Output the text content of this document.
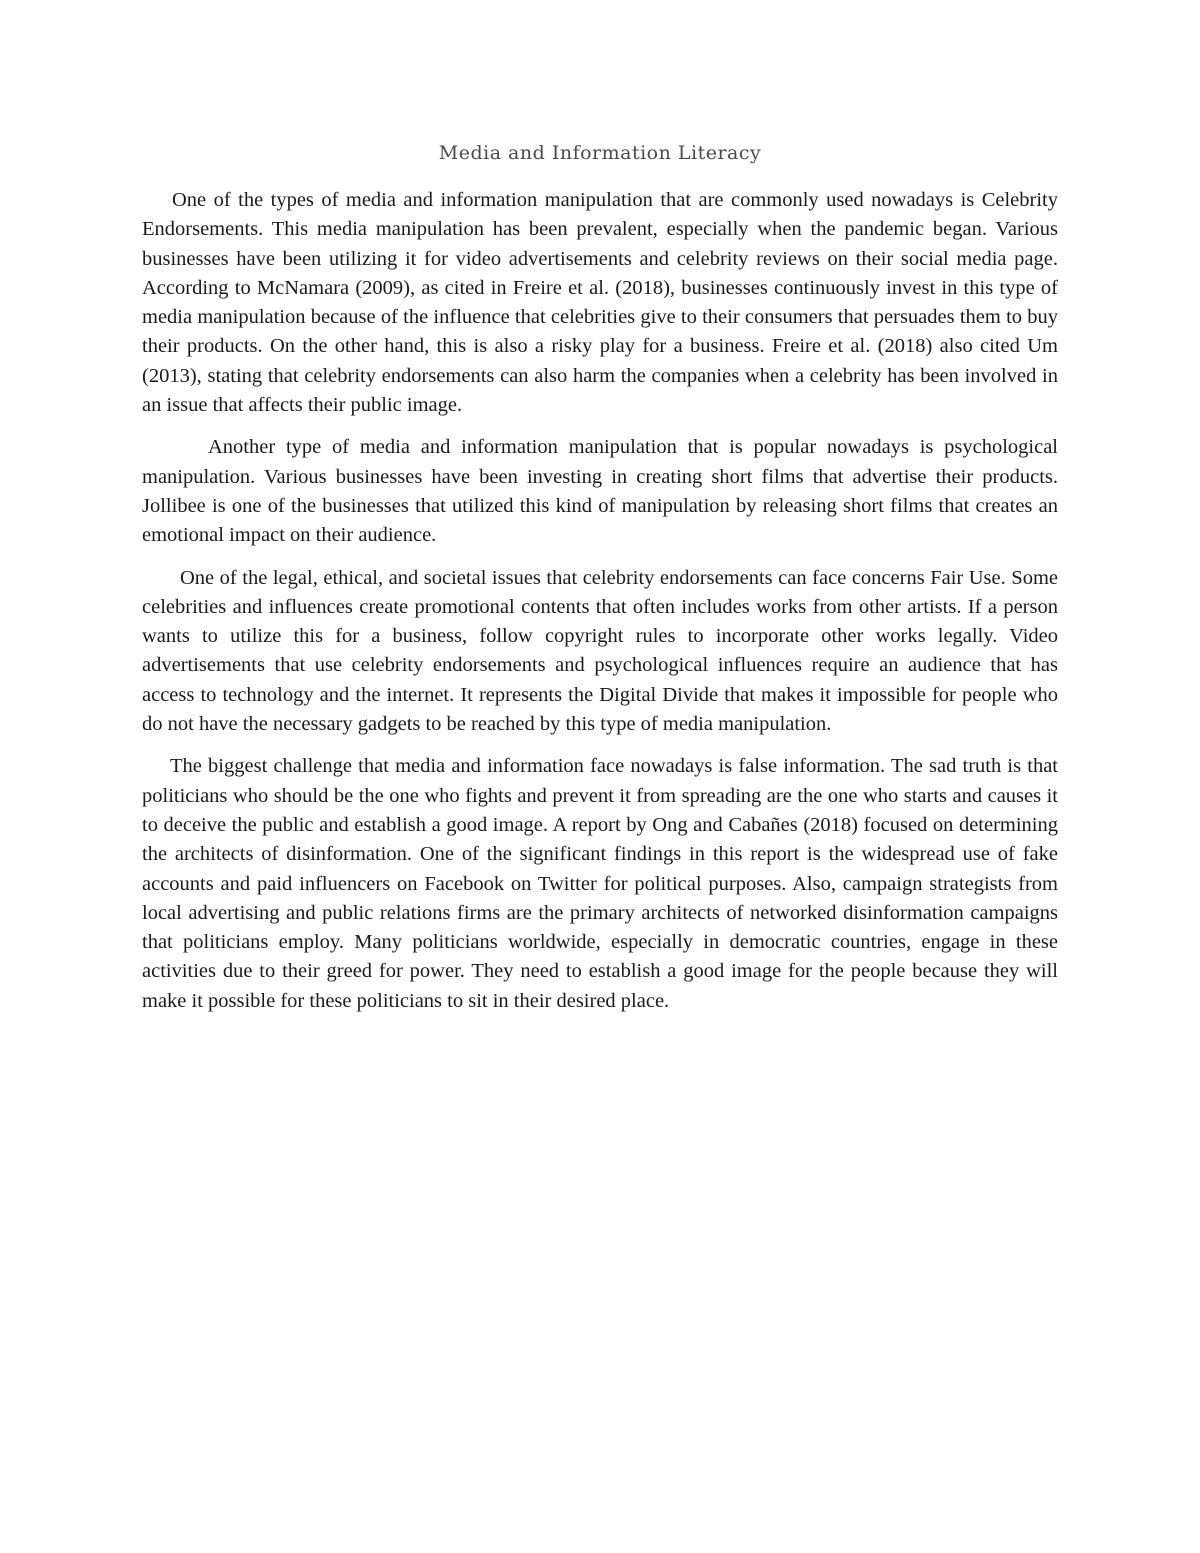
Media and Information Literacy

One of the types of media and information manipulation that are commonly used nowadays is Celebrity Endorsements. This media manipulation has been prevalent, especially when the pandemic began. Various businesses have been utilizing it for video advertisements and celebrity reviews on their social media page. According to McNamara (2009), as cited in Freire et al. (2018), businesses continuously invest in this type of media manipulation because of the influence that celebrities give to their consumers that persuades them to buy their products. On the other hand, this is also a risky play for a business. Freire et al. (2018) also cited Um (2013), stating that celebrity endorsements can also harm the companies when a celebrity has been involved in an issue that affects their public image.

Another type of media and information manipulation that is popular nowadays is psychological manipulation. Various businesses have been investing in creating short films that advertise their products. Jollibee is one of the businesses that utilized this kind of manipulation by releasing short films that creates an emotional impact on their audience.

One of the legal, ethical, and societal issues that celebrity endorsements can face concerns Fair Use. Some celebrities and influences create promotional contents that often includes works from other artists. If a person wants to utilize this for a business, follow copyright rules to incorporate other works legally. Video advertisements that use celebrity endorsements and psychological influences require an audience that has access to technology and the internet. It represents the Digital Divide that makes it impossible for people who do not have the necessary gadgets to be reached by this type of media manipulation.

The biggest challenge that media and information face nowadays is false information. The sad truth is that politicians who should be the one who fights and prevent it from spreading are the one who starts and causes it to deceive the public and establish a good image. A report by Ong and Cabañes (2018) focused on determining the architects of disinformation. One of the significant findings in this report is the widespread use of fake accounts and paid influencers on Facebook on Twitter for political purposes. Also, campaign strategists from local advertising and public relations firms are the primary architects of networked disinformation campaigns that politicians employ. Many politicians worldwide, especially in democratic countries, engage in these activities due to their greed for power. They need to establish a good image for the people because they will make it possible for these politicians to sit in their desired place.
